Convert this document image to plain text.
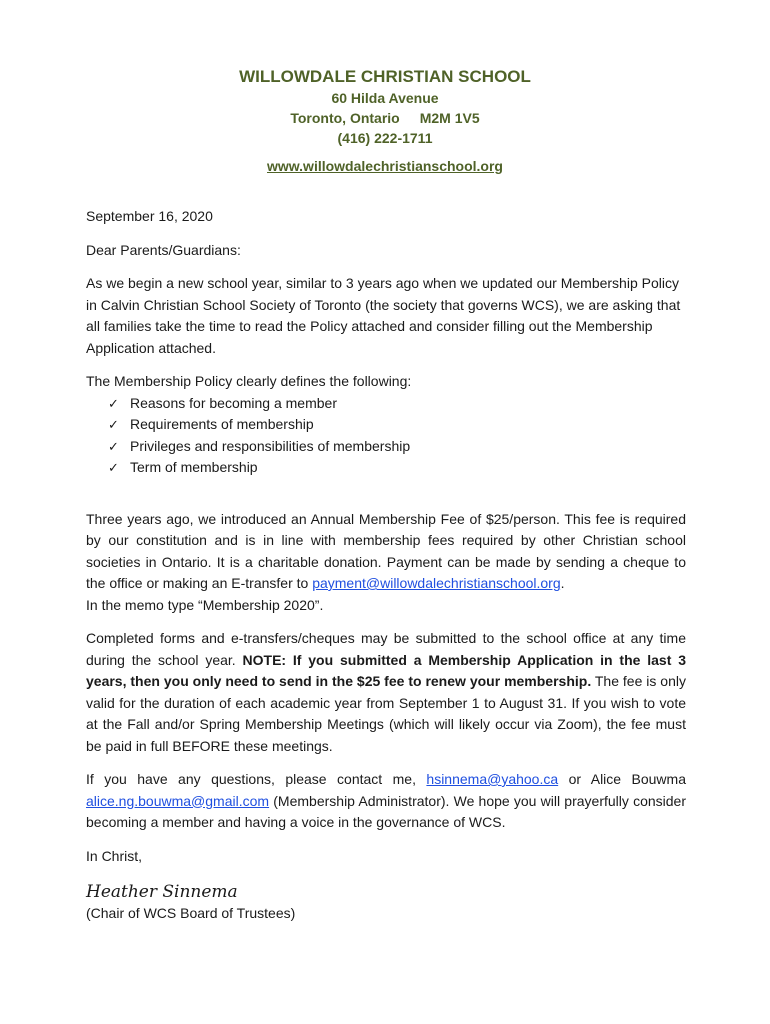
WILLOWDALE CHRISTIAN SCHOOL
60 Hilda Avenue
Toronto, Ontario M2M 1V5
(416) 222-1711
www.willowdalechristianschool.org

September 16, 2020

Dear Parents/Guardians:

As we begin a new school year, similar to 3 years ago when we updated our Membership Policy in Calvin Christian School Society of Toronto (the society that governs WCS), we are asking that all families take the time to read the Policy attached and consider filling out the Membership Application attached.

The Membership Policy clearly defines the following:
✓ Reasons for becoming a member
✓ Requirements of membership
✓ Privileges and responsibilities of membership
✓ Term of membership

Three years ago, we introduced an Annual Membership Fee of $25/person. This fee is required by our constitution and is in line with membership fees required by other Christian school societies in Ontario. It is a charitable donation. Payment can be made by sending a cheque to the office or making an E-transfer to payment@willowdalechristianschool.org.
In the memo type “Membership 2020”.

Completed forms and e-transfers/cheques may be submitted to the school office at any time during the school year. NOTE: If you submitted a Membership Application in the last 3 years, then you only need to send in the $25 fee to renew your membership. The fee is only valid for the duration of each academic year from September 1 to August 31. If you wish to vote at the Fall and/or Spring Membership Meetings (which will likely occur via Zoom), the fee must be paid in full BEFORE these meetings.

If you have any questions, please contact me, hsinnema@yahoo.ca or Alice Bouwma alice.ng.bouwma@gmail.com (Membership Administrator). We hope you will prayerfully consider becoming a member and having a voice in the governance of WCS.

In Christ,

Heather Sinnema
(Chair of WCS Board of Trustees)
